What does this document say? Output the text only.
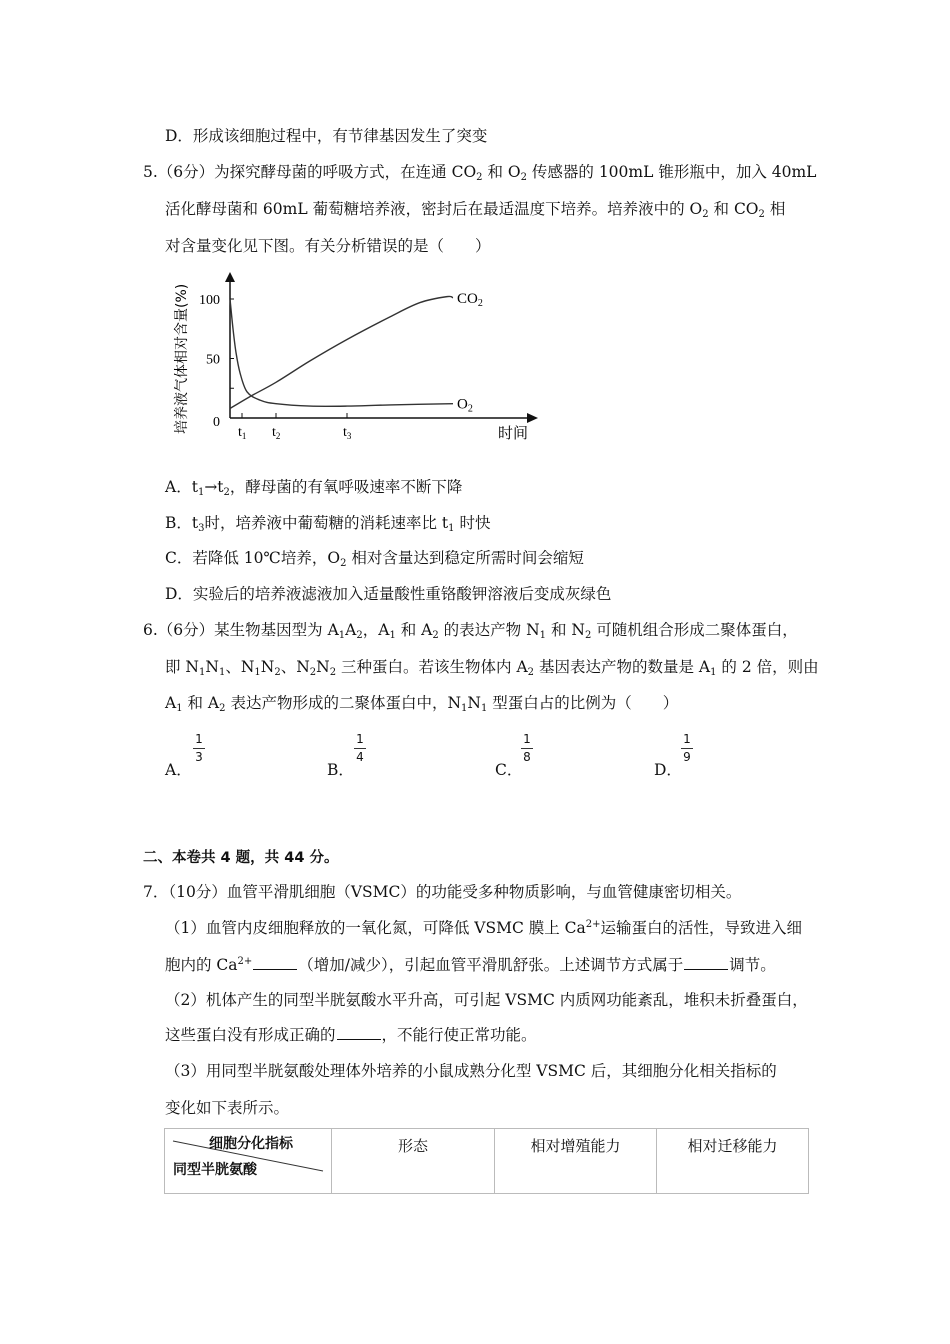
D．形成该细胞过程中，有节律基因发生了突变
5.（6分）为探究酵母菌的呼吸方式，在连通 $CO_2$ 和 $O_2$ 传感器的 100mL 锥形瓶中，加入 40mL
活化酵母菌和 60mL 葡萄糖培养液，密封后在最适温度下培养。培养液中的 $O_2$ 和 $CO_2$ 相
对含量变化见下图。有关分析错误的是（　　）
0
50
100
$t_1$ $t_2$	$t_3$	时间
培养液气体相对含量(%)	$CO_2$
$O_2$
A．$t_1\to t_2$，酵母菌的有氧呼吸速率不断下降
B．$t_3$时，培养液中葡萄糖的消耗速率比 $t_1$ 时快
C．若降低 10℃培养，$O_2$ 相对含量达到稳定所需时间会缩短
D．实验后的培养液滤液加入适量酸性重铬酸钾溶液后变成灰绿色
6.（6分）某生物基因型为 $A_1A_2$，$A_1$ 和 $A_2$ 的表达产物 $N_1$ 和 $N_2$ 可随机组合形成二聚体蛋白，
即 $N_1N_1$、$N_1N_2$、$N_2N_2$ 三种蛋白。若该生物体内 $A_2$ 基因表达产物的数量是 $A_1$ 的 2 倍，则由
$A_1$ 和 $A_2$ 表达产物形成的二聚体蛋白中，$N_1N_1$ 型蛋白占的比例为（　　）
A．
1
3
B．
1
4
C．
1
8
D．
1
9
二、本卷共 4 题，共 44 分。
7．（10分）血管平滑肌细胞（VSMC）的功能受多种物质影响，与血管健康密切相关。
（1）血管内皮细胞释放的一氧化氮，可降低 VSMC 膜上 $Ca^{2+}$运输蛋白的活性，导致进入细
胞内的 $Ca^{2+}$	（增加/减少），引起血管平滑肌舒张。上述调节方式属于	调节。
（2）机体产生的同型半胱氨酸水平升高，可引起 VSMC 内质网功能紊乱，堆积未折叠蛋白，
这些蛋白没有形成正确的	，不能行使正常功能。
（3）用同型半胱氨酸处理体外培养的小鼠成熟分化型 VSMC 后，其细胞分化相关指标的
变化如下表所示。
细胞分化指标
同型半胱氨酸
	形态	相对增殖能力	相对迁移能力
